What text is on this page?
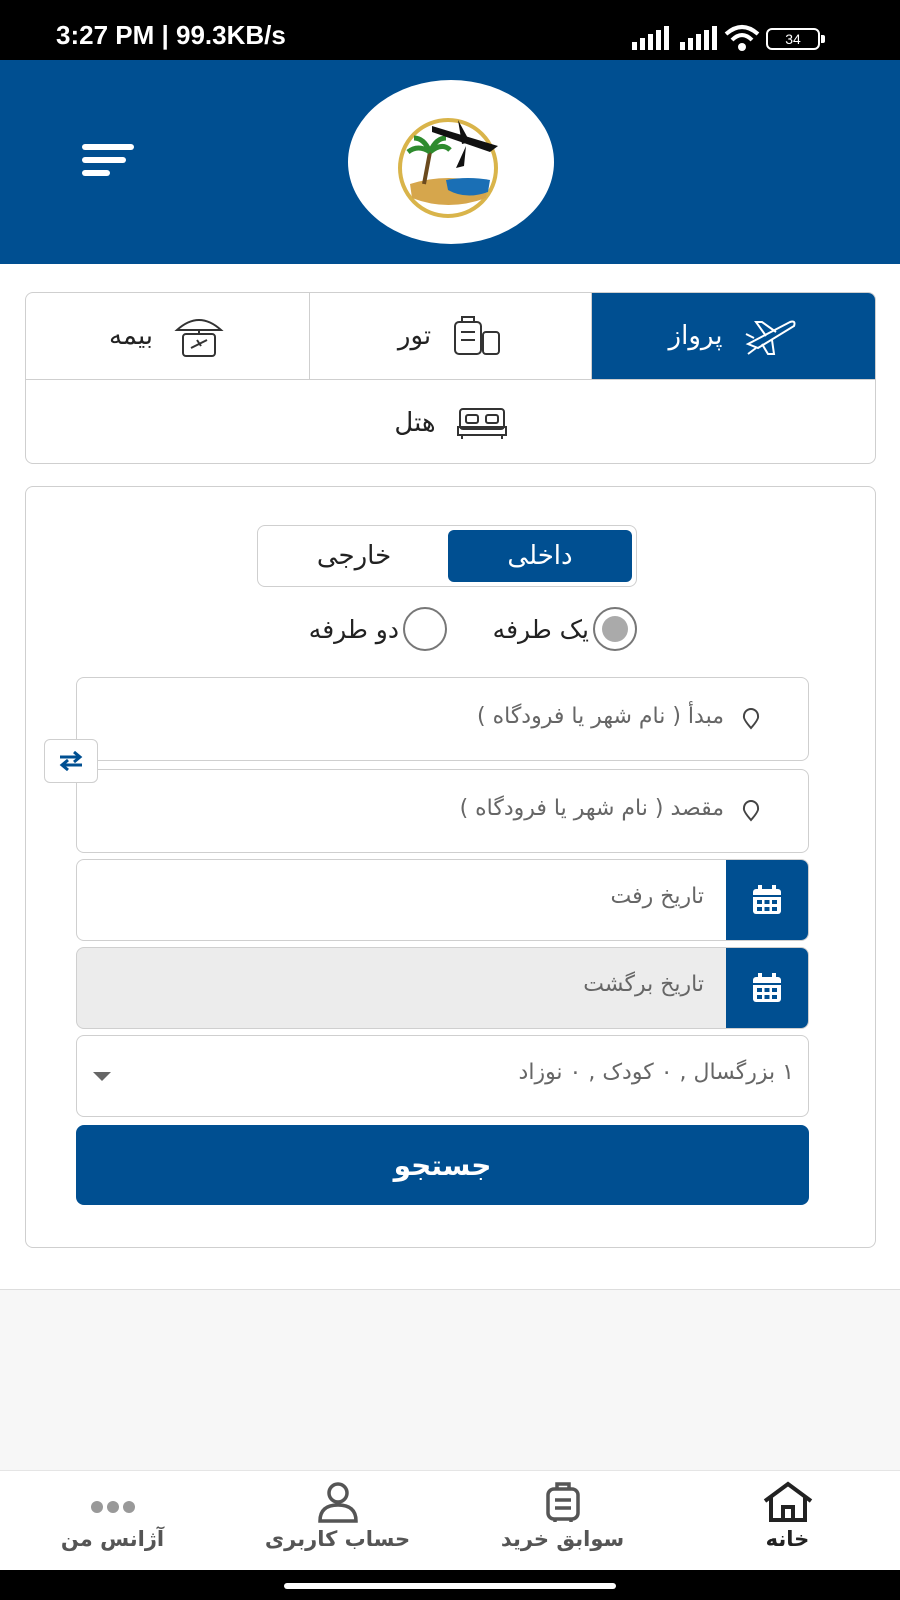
3:27 PM | 99.3KB/s	34
پرواز
تور
بیمه
هتل
داخلی
خارجی
یک طرفه
دو طرفه
مبدأ ( نام شهر یا فرودگاه )
مقصد ( نام شهر یا فرودگاه )
تاریخ رفت
تاریخ برگشت
۱ بزرگسال , ۰ کودک , ۰ نوزاد
جستجو
خانه
سوابق خرید
حساب کاربری
آژانس من
